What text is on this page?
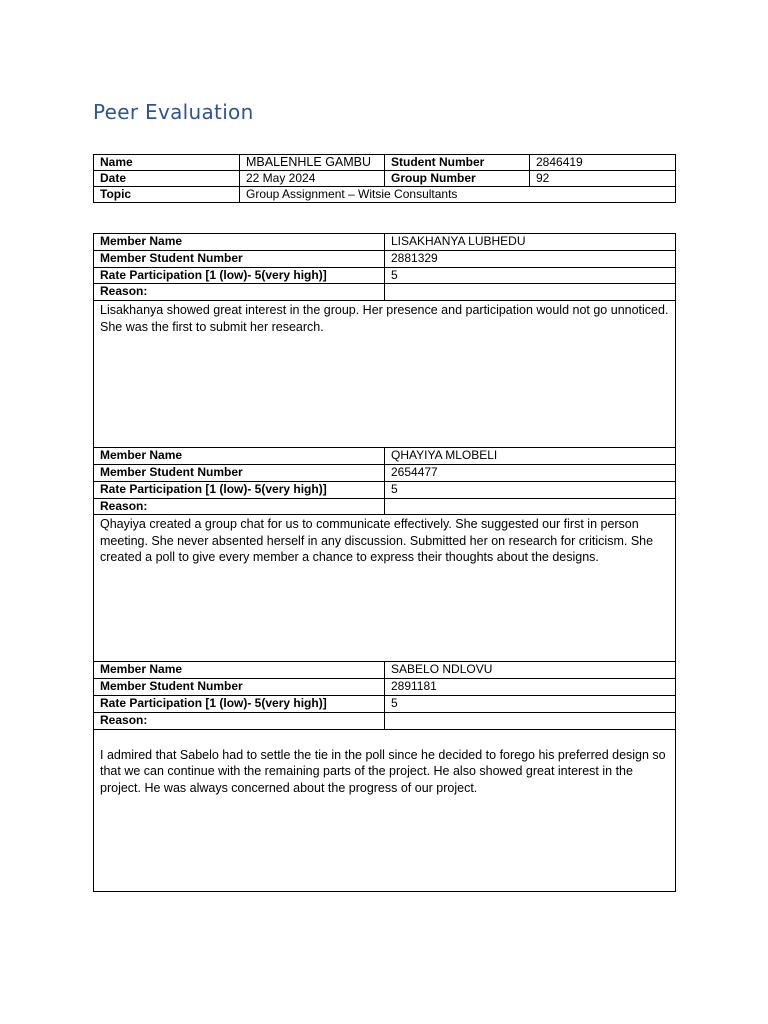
Peer Evaluation
Name	MBALENHLE GAMBU	Student Number	2846419
Date	22 May 2024	Group Number	92
Topic	Group Assignment – Witsie Consultants		
Member Name	LISAKHANYA LUBHEDU
Member Student Number	2881329
Rate Participation [1 (low)- 5(very high)]	5
Reason:	
Lisakhanya showed great interest in the group. Her presence and participation would not go unnoticed. She was the first to submit her research.	
Member Name	QHAYIYA MLOBELI
Member Student Number	2654477
Rate Participation [1 (low)- 5(very high)]	5
Reason:	
Qhayiya created a group chat for us to communicate effectively. She suggested our first in person meeting. She never absented herself in any discussion. Submitted her on research for criticism. She created a poll to give every member a chance to express their thoughts about the designs.	
Member Name	SABELO NDLOVU
Member Student Number	2891181
Rate Participation [1 (low)- 5(very high)]	5
Reason:	

I admired that Sabelo had to settle the tie in the poll since he decided to forego his preferred design so that we can continue with the remaining parts of the project. He also showed great interest in the project. He was always concerned about the progress of our project.	
